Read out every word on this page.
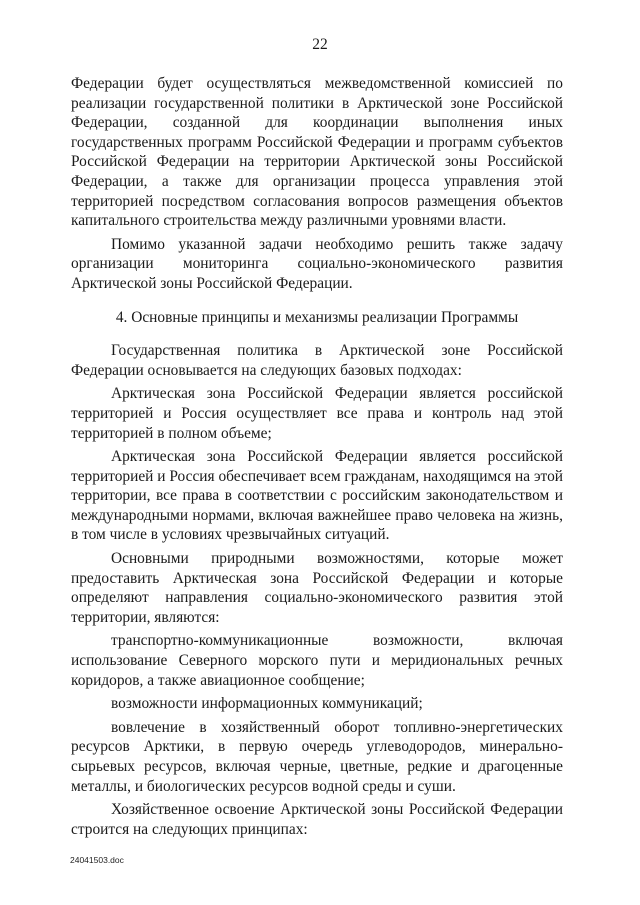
22

Федерации будет осуществляться межведомственной комиссией по реализации государственной политики в Арктической зоне Российской Федерации, созданной для координации выполнения иных государственных программ Российской Федерации и программ субъектов Российской Федерации на территории Арктической зоны Российской Федерации, а также для организации процесса управления этой территорией посредством согласования вопросов размещения объектов капитального строительства между различными уровнями власти.

Помимо указанной задачи необходимо решить также задачу организации мониторинга социально-экономического развития Арктической зоны Российской Федерации.

4. Основные принципы и механизмы реализации Программы

Государственная политика в Арктической зоне Российской Федерации основывается на следующих базовых подходах:

Арктическая зона Российской Федерации является российской территорией и Россия осуществляет все права и контроль над этой территорией в полном объеме;

Арктическая зона Российской Федерации является российской территорией и Россия обеспечивает всем гражданам, находящимся на этой территории, все права в соответствии с российским законодательством и международными нормами, включая важнейшее право человека на жизнь, в том числе в условиях чрезвычайных ситуаций.

Основными природными возможностями, которые может предоставить Арктическая зона Российской Федерации и которые определяют направления социально-экономического развития этой территории, являются:

транспортно-коммуникационные возможности, включая использование Северного морского пути и меридиональных речных коридоров, а также авиационное сообщение;

возможности информационных коммуникаций;

вовлечение в хозяйственный оборот топливно-энергетических ресурсов Арктики, в первую очередь углеводородов, минерально-сырьевых ресурсов, включая черные, цветные, редкие и драгоценные металлы, и биологических ресурсов водной среды и суши.

Хозяйственное освоение Арктической зоны Российской Федерации строится на следующих принципах:

24041503.doc
